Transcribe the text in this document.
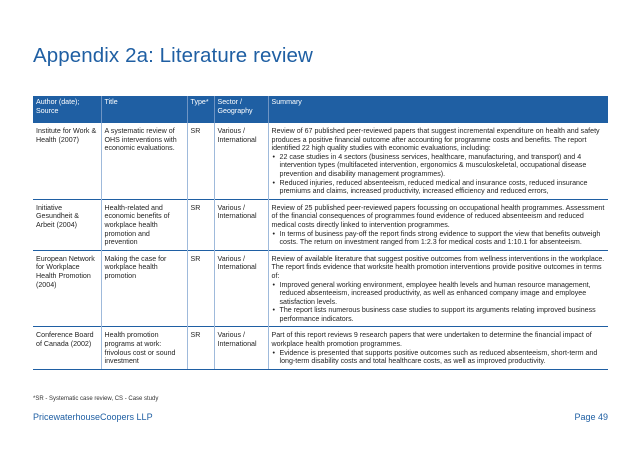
Appendix 2a: Literature review
Author (date); Source	Title	Type*	Sector / Geography	Summary
Institute for Work & Health (2007)	A systematic review of OHS interventions with economic evaluations.	SR	Various / International	Review of 67 published peer-reviewed papers that suggest incremental expenditure on health and safety produces a positive financial outcome after accounting for programme costs and benefits. The report identified 22 high quality studies with economic evaluations, including:
• 22 case studies in 4 sectors (business services, healthcare, manufacturing, and transport) and 4 intervention types (multifaceted intervention, ergonomics & musculoskeletal, occupational disease prevention and disability management programmes).
• Reduced injuries, reduced absenteeism, reduced medical and insurance costs, reduced insurance premiums and claims, increased productivity, increased efficiency and reduced errors,

Initiative Gesundheit & Arbeit (2004)	Health-related and economic benefits of workplace health promotion and prevention	SR	Various / International	Review of 25 published peer-reviewed papers focussing on occupational health programmes. Assessment of the financial consequences of programmes found evidence of reduced absenteeism and reduced medical costs directly linked to intervention programmes.
• In terms of business pay-off the report finds strong evidence to support the view that benefits outweigh costs. The return on investment ranged from 1:2.3 for medical costs and 1:10.1 for absenteeism.

European Network for Workplace Health Promotion (2004)	Making the case for workplace health promotion	SR	Various / International	Review of available literature that suggest positive outcomes from wellness interventions in the workplace. The report finds evidence that worksite health promotion interventions provide positive outcomes in terms of:
• Improved general working environment, employee health levels and human resource management, reduced absenteeism, increased productivity, as well as enhanced company image and employee satisfaction levels.
• The report lists numerous business case studies to support its arguments relating improved business performance indicators.

Conference Board of Canada (2002)	Health promotion programs at work: frivolous cost or sound investment	SR	Various / International	Part of this report reviews 9 research papers that were undertaken to determine the financial impact of workplace health promotion programmes.
• Evidence is presented that supports positive outcomes such as reduced absenteeism, short-term and long-term disability costs and total healthcare costs, as well as improved productivity.
*SR - Systematic case review, CS - Case study
PricewaterhouseCoopers LLP	Page 49
